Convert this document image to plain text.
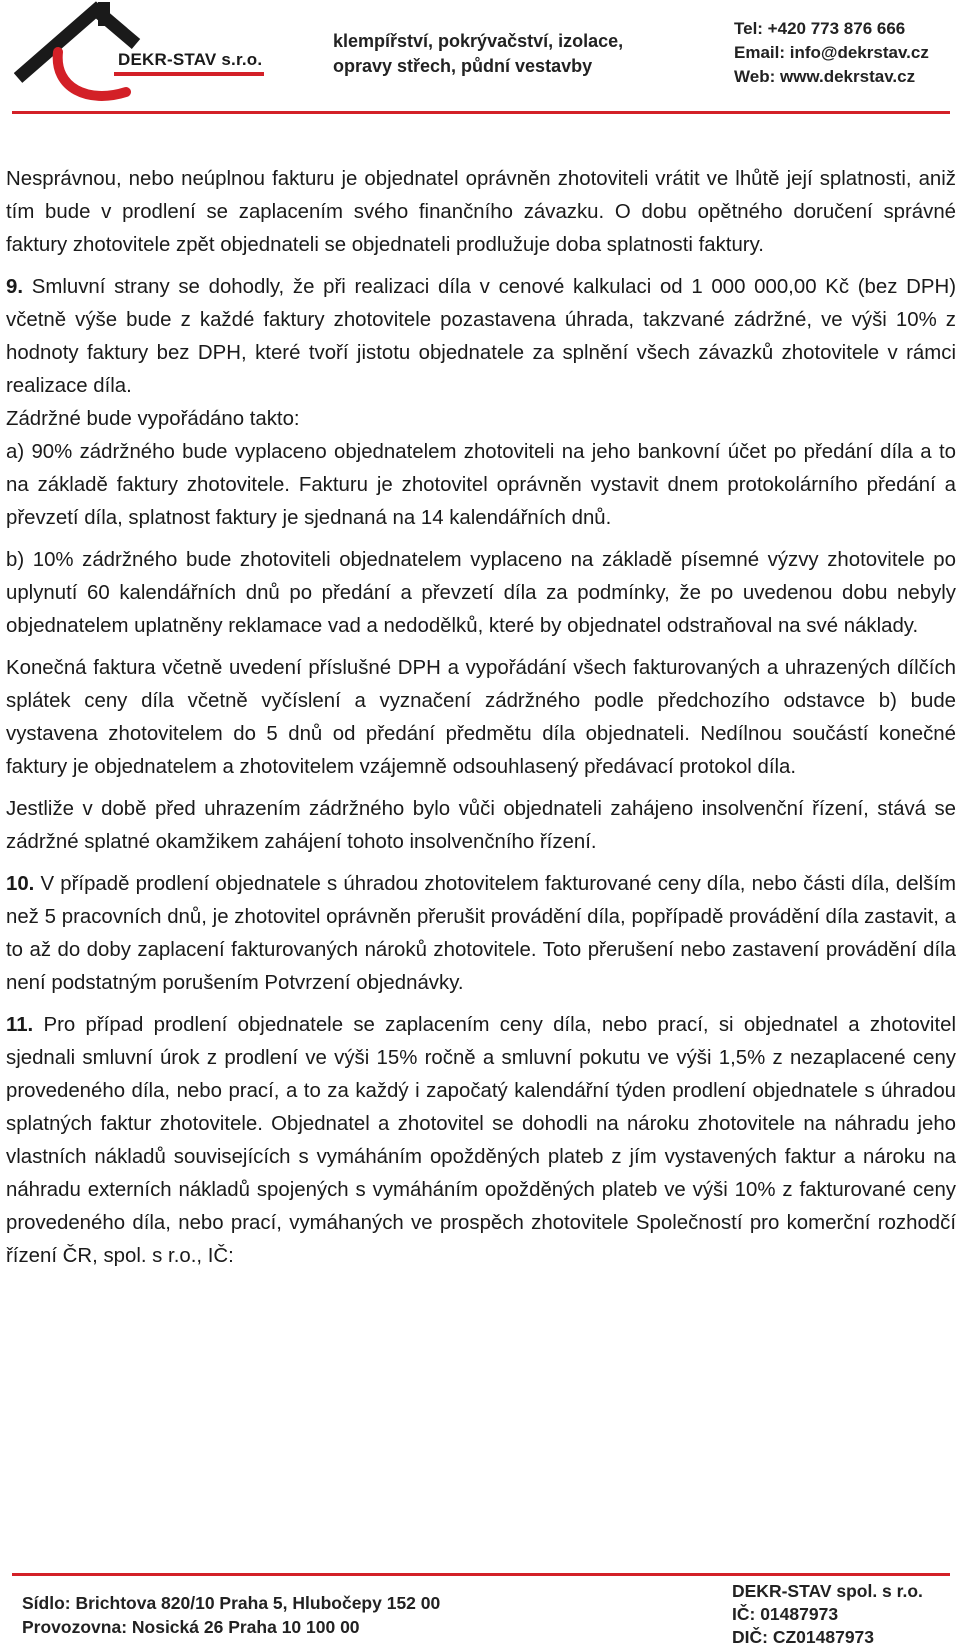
DEKR-STAV s.r.o.
klempířství, pokrývačství, izolace,
opravy střech, půdní vestavby
Tel: +420 773 876 666
Email: info@dekrstav.cz
Web: www.dekrstav.cz

Nesprávnou, nebo neúplnou fakturu je objednatel oprávněn zhotoviteli vrátit ve lhůtě její splatnosti, aniž tím bude v prodlení se zaplacením svého finančního závazku. O dobu opětného doručení správné faktury zhotovitele zpět objednateli se objednateli prodlužuje doba splatnosti faktury.

9. Smluvní strany se dohodly, že při realizaci díla v cenové kalkulaci od 1 000 000,00 Kč (bez DPH) včetně výše bude z každé faktury zhotovitele pozastavena úhrada, takzvané zádržné, ve výši 10% z hodnoty faktury bez DPH, které tvoří jistotu objednatele za splnění všech závazků zhotovitele v rámci realizace díla.

Zádržné bude vypořádáno takto:

a) 90% zádržného bude vyplaceno objednatelem zhotoviteli na jeho bankovní účet po předání díla a to na základě faktury zhotovitele. Fakturu je zhotovitel oprávněn vystavit dnem protokolárního předání a převzetí díla, splatnost faktury je sjednaná na 14 kalendářních dnů.

b) 10% zádržného bude zhotoviteli objednatelem vyplaceno na základě písemné výzvy zhotovitele po uplynutí 60 kalendářních dnů po předání a převzetí díla za podmínky, že po uvedenou dobu nebyly objednatelem uplatněny reklamace vad a nedodělků, které by objednatel odstraňoval na své náklady.

Konečná faktura včetně uvedení příslušné DPH a vypořádání všech fakturovaných a uhrazených dílčích splátek ceny díla včetně vyčíslení a vyznačení zádržného podle předchozího odstavce b) bude vystavena zhotovitelem do 5 dnů od předání předmětu díla objednateli. Nedílnou součástí konečné faktury je objednatelem a zhotovitelem vzájemně odsouhlasený předávací protokol díla.

Jestliže v době před uhrazením zádržného bylo vůči objednateli zahájeno insolvenční řízení, stává se zádržné splatné okamžikem zahájení tohoto insolvenčního řízení.

10. V případě prodlení objednatele s úhradou zhotovitelem fakturované ceny díla, nebo části díla, delším než 5 pracovních dnů, je zhotovitel oprávněn přerušit provádění díla, popřípadě provádění díla zastavit, a to až do doby zaplacení fakturovaných nároků zhotovitele. Toto přerušení nebo zastavení provádění díla není podstatným porušením Potvrzení objednávky.

11. Pro případ prodlení objednatele se zaplacením ceny díla, nebo prací, si objednatel a zhotovitel sjednali smluvní úrok z prodlení ve výši 15% ročně a smluvní pokutu ve výši 1,5% z nezaplacené ceny provedeného díla, nebo prací, a to za každý i započatý kalendářní týden prodlení objednatele s úhradou splatných faktur zhotovitele. Objednatel a zhotovitel se dohodli na nároku zhotovitele na náhradu jeho vlastních nákladů souvisejících s vymáháním opožděných plateb z jím vystavených faktur a nároku na náhradu externích nákladů spojených s vymáháním opožděných plateb ve výši 10% z fakturované ceny provedeného díla, nebo prací, vymáhaných ve prospěch zhotovitele Společností pro komerční rozhodčí řízení ČR, spol. s r.o., IČ:

Sídlo: Brichtova 820/10 Praha 5, Hlubočepy 152 00
Provozovna: Nosická 26 Praha 10 100 00
DEKR-STAV spol. s r.o.
IČ: 01487973
DIČ: CZ01487973
